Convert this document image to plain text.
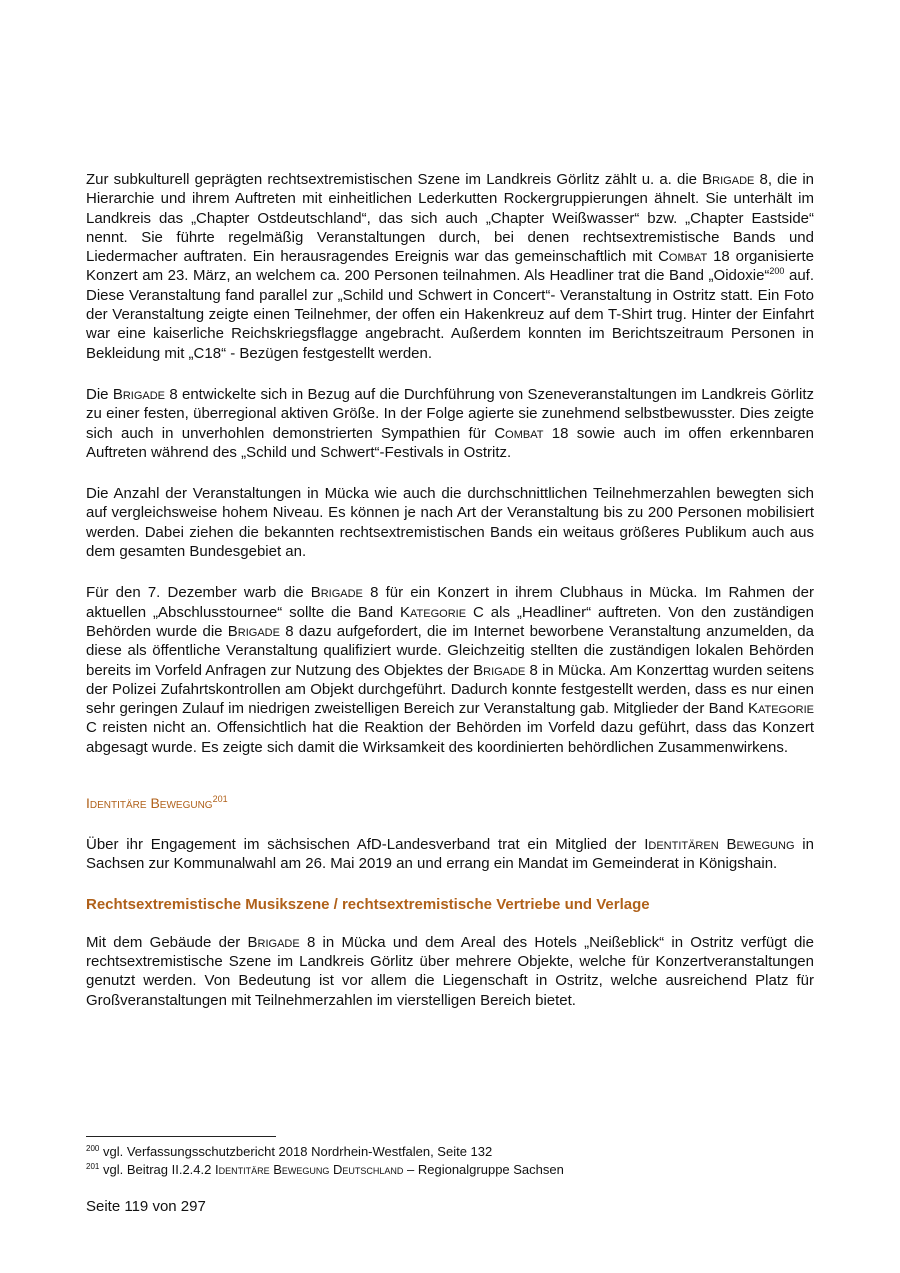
Zur subkulturell geprägten rechtsextremistischen Szene im Landkreis Görlitz zählt u. a. die Brigade 8, die in Hierarchie und ihrem Auftreten mit einheitlichen Lederkutten Rockergruppierungen ähnelt. Sie unterhält im Landkreis das „Chapter Ostdeutschland“, das sich auch „Chapter Weißwasser“ bzw. „Chapter Eastside“ nennt. Sie führte regelmäßig Veranstaltungen durch, bei denen rechtsextremistische Bands und Liedermacher auftraten. Ein herausragendes Ereignis war das gemeinschaftlich mit Combat 18 organisierte Konzert am 23. März, an welchem ca. 200 Personen teilnahmen. Als Headliner trat die Band „Oidoxie“$^{200}$ auf. Diese Veranstaltung fand parallel zur „Schild und Schwert in Concert“- Veranstaltung in Ostritz statt. Ein Foto der Veranstaltung zeigte einen Teilnehmer, der offen ein Hakenkreuz auf dem T-Shirt trug. Hinter der Einfahrt war eine kaiserliche Reichskriegsflagge angebracht. Außerdem konnten im Berichtszeitraum Personen in Bekleidung mit „C18“ - Bezügen festgestellt werden.

Die Brigade 8 entwickelte sich in Bezug auf die Durchführung von Szeneveranstaltungen im Landkreis Görlitz zu einer festen, überregional aktiven Größe. In der Folge agierte sie zunehmend selbstbewusster. Dies zeigte sich auch in unverhohlen demonstrierten Sympathien für Combat 18 sowie auch im offen erkennbaren Auftreten während des „Schild und Schwert“-Festivals in Ostritz.

Die Anzahl der Veranstaltungen in Mücka wie auch die durchschnittlichen Teilnehmerzahlen bewegten sich auf vergleichsweise hohem Niveau. Es können je nach Art der Veranstaltung bis zu 200 Personen mobilisiert werden. Dabei ziehen die bekannten rechtsextremistischen Bands ein weitaus größeres Publikum auch aus dem gesamten Bundesgebiet an.

Für den 7. Dezember warb die Brigade 8 für ein Konzert in ihrem Clubhaus in Mücka. Im Rahmen der aktuellen „Abschlusstournee“ sollte die Band Kategorie C als „Headliner“ auftreten. Von den zuständigen Behörden wurde die Brigade 8 dazu aufgefordert, die im Internet beworbene Veranstaltung anzumelden, da diese als öffentliche Veranstaltung qualifiziert wurde. Gleichzeitig stellten die zuständigen lokalen Behörden bereits im Vorfeld Anfragen zur Nutzung des Objektes der Brigade 8 in Mücka. Am Konzerttag wurden seitens der Polizei Zufahrtskontrollen am Objekt durchgeführt. Dadurch konnte festgestellt werden, dass es nur einen sehr geringen Zulauf im niedrigen zweistelligen Bereich zur Veranstaltung gab. Mitglieder der Band Kategorie C reisten nicht an. Offensichtlich hat die Reaktion der Behörden im Vorfeld dazu geführt, dass das Konzert abgesagt wurde. Es zeigte sich damit die Wirksamkeit des koordinierten behördlichen Zusammenwirkens.

Identitäre Bewegung$^{201}$

Über ihr Engagement im sächsischen AfD-Landesverband trat ein Mitglied der Identitären Bewegung in Sachsen zur Kommunalwahl am 26. Mai 2019 an und errang ein Mandat im Gemeinderat in Königshain.

Rechtsextremistische Musikszene / rechtsextremistische Vertriebe und Verlage

Mit dem Gebäude der Brigade 8 in Mücka und dem Areal des Hotels „Neißeblick“ in Ostritz verfügt die rechtsextremistische Szene im Landkreis Görlitz über mehrere Objekte, welche für Konzertveranstaltungen genutzt werden. Von Bedeutung ist vor allem die Liegenschaft in Ostritz, welche ausreichend Platz für Großveranstaltungen mit Teilnehmerzahlen im vierstelligen Bereich bietet.

$^{200}$ vgl. Verfassungsschutzbericht 2018 Nordrhein-Westfalen, Seite 132
$^{201}$ vgl. Beitrag II.2.4.2 Identitäre Bewegung Deutschland – Regionalgruppe Sachsen
Seite 119 von 297
